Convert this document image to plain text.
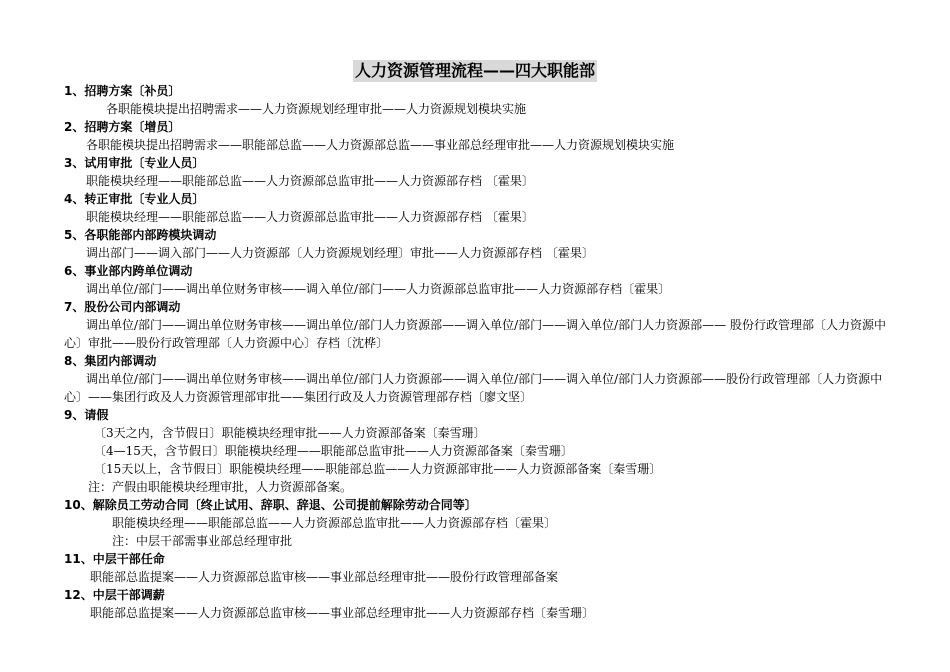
人力资源管理流程——四大职能部
1、招聘方案〔补员〕
各职能模块提出招聘需求——人力资源规划经理审批——人力资源规划模块实施
2、招聘方案〔增员〕
各职能模块提出招聘需求——职能部总监——人力资源部总监——事业部总经理审批——人力资源规划模块实施
3、试用审批〔专业人员〕
职能模块经理——职能部总监——人力资源部总监审批——人力资源部存档 〔霍果〕
4、转正审批〔专业人员〕
职能模块经理——职能部总监——人力资源部总监审批——人力资源部存档 〔霍果〕
5、各职能部内部跨模块调动
调出部门——调入部门——人力资源部〔人力资源规划经理〕审批——人力资源部存档 〔霍果〕
6、事业部内跨单位调动
调出单位/部门——调出单位财务审核——调入单位/部门——人力资源部总监审批——人力资源部存档〔霍果〕
7、股份公司内部调动
调出单位/部门——调出单位财务审核——调出单位/部门人力资源部——调入单位/部门——调入单位/部门人力资源部—— 股份行政管理部〔人力资源中心〕审批——股份行政管理部〔人力资源中心〕存档〔沈桦〕
8、集团内部调动
调出单位/部门——调出单位财务审核——调出单位/部门人力资源部——调入单位/部门——调入单位/部门人力资源部——股份行政管理部〔人力资源中心〕——集团行政及人力资源管理部审批——集团行政及人力资源管理部存档〔廖文坚〕
9、请假
〔3天之内，含节假日〕职能模块经理审批——人力资源部备案〔秦雪珊〕
〔4—15天，含节假日〕职能模块经理——职能部总监审批——人力资源部备案〔秦雪珊〕
〔15天以上，含节假日〕职能模块经理——职能部总监——人力资源部审批——人力资源部备案〔秦雪珊〕
注：产假由职能模块经理审批，人力资源部备案。
10、解除员工劳动合同〔终止试用、辞职、辞退、公司提前解除劳动合同等〕
职能模块经理——职能部总监——人力资源部总监审批——人力资源部存档〔霍果〕
注：中层干部需事业部总经理审批
11、中层干部任命
职能部总监提案——人力资源部总监审核——事业部总经理审批——股份行政管理部备案
12、中层干部调薪
职能部总监提案——人力资源部总监审核——事业部总经理审批——人力资源部存档〔秦雪珊〕
